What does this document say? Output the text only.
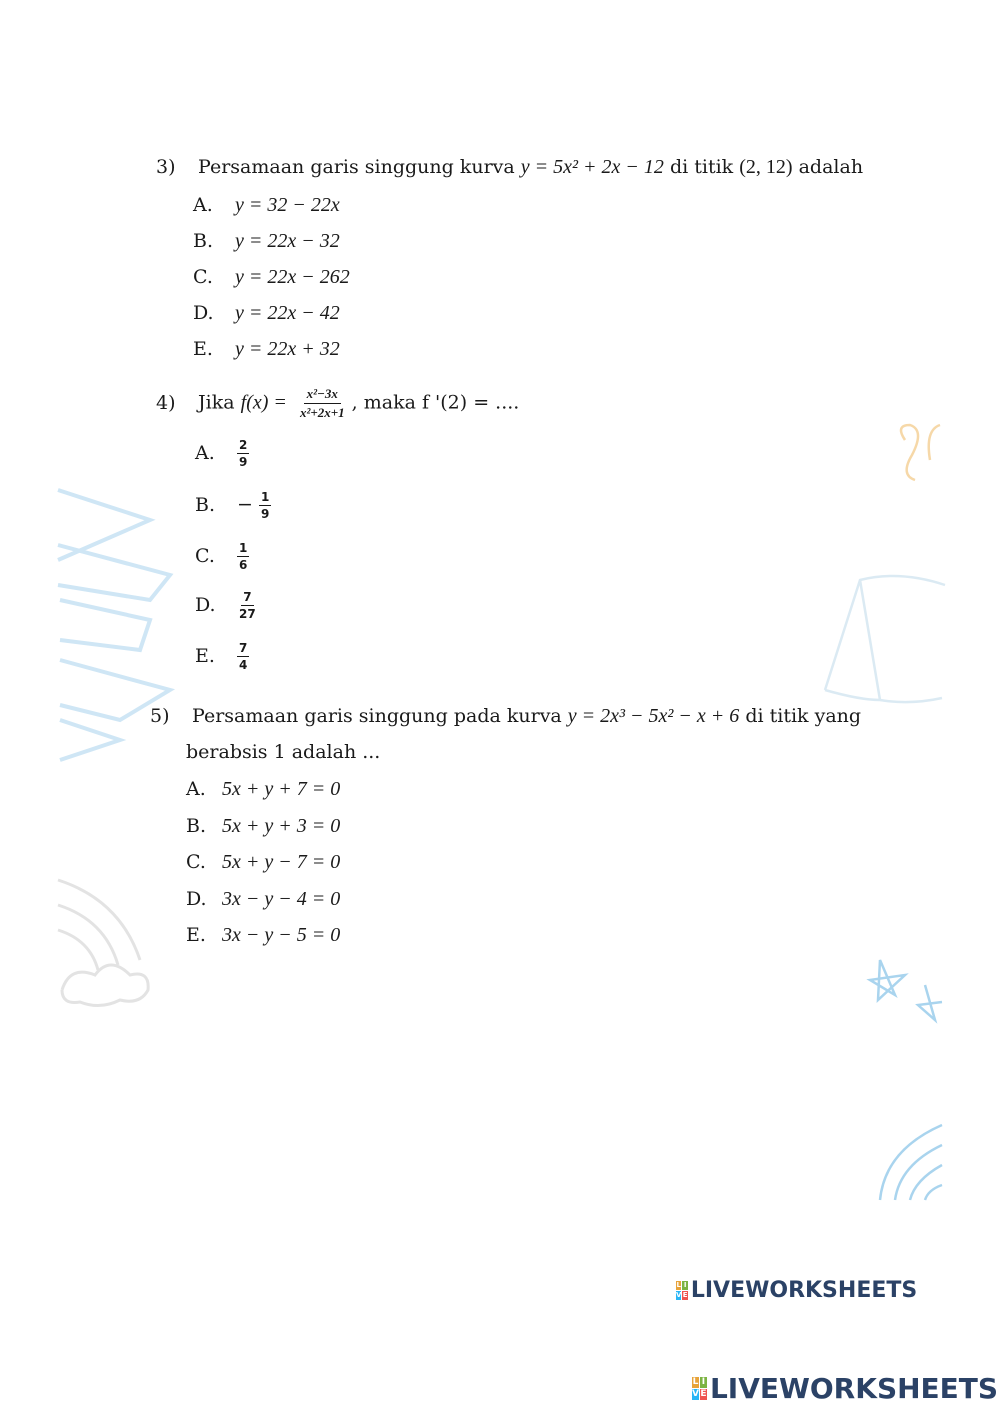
3) Persamaan garis singgung kurva y = 5x² + 2x − 12 di titik (2, 12) adalah
A. y = 32 − 22x
B. y = 22x − 32
C. y = 22x − 262
D. y = 22x − 42
E. y = 22x + 32
4) Jika $f(x) = \frac{\text{x²−3x}}{\text{x²+2x+1}}$ , maka f '(2) = ....
A. $\frac{2}{9}$
B. − $\frac{1}{9}$
C. $\frac{1}{6}$
D. $\frac{7}{27}$
E. $\frac{7}{4}$
5) Persamaan garis singgung pada kurva y = 2x³ − 5x² − x + 6 di titik yang
berabsis 1 adalah ...
A. 5x + y + 7 = 0
B. 5x + y + 3 = 0
C. 5x + y − 7 = 0
D. 3x − y − 4 = 0
E. 3x − y − 5 = 0
L I
V E LIVEWORKSHEETS
L I
V E LIVEWORKSHEETS
